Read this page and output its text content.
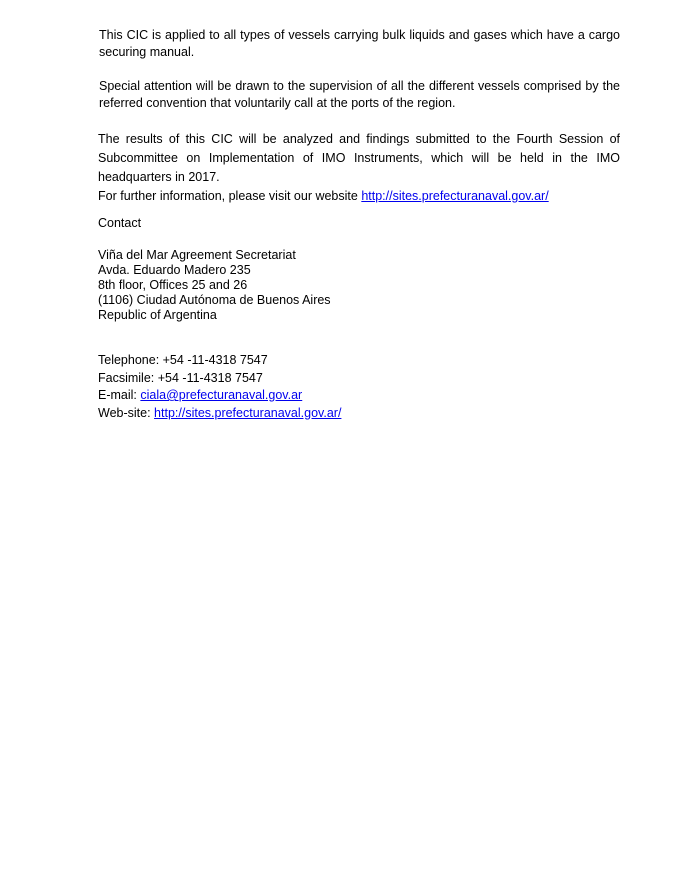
This CIC is applied to all types of vessels carrying bulk liquids and gases which have a cargo securing manual.

Special attention will be drawn to the supervision of all the different vessels comprised by the referred convention that voluntarily call at the ports of the region.

The results of this CIC will be analyzed and findings submitted to the Fourth Session of Subcommittee on Implementation of IMO Instruments, which will be held in the IMO headquarters in 2017.

For further information, please visit our website http://sites.prefecturanaval.gov.ar/

Contact

Viña del Mar Agreement Secretariat
Avda. Eduardo Madero 235
8th floor, Offices 25 and 26
(1106) Ciudad Autónoma de Buenos Aires
Republic of Argentina
Telephone: +54 -11-4318 7547
Facsimile: +54 -11-4318 7547
E-mail: ciala@prefecturanaval.gov.ar
Web-site: http://sites.prefecturanaval.gov.ar/
